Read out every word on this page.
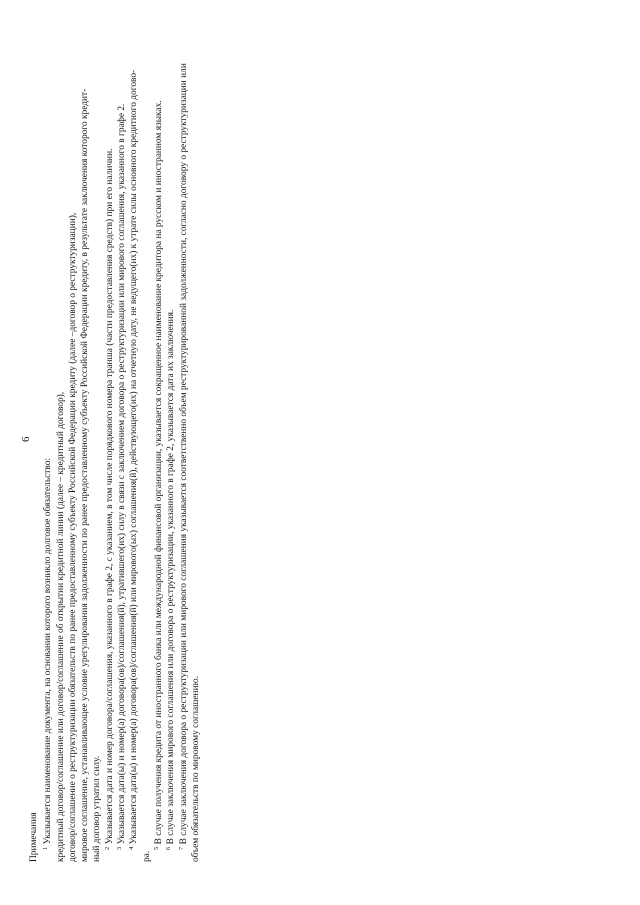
6
Примечания $^1$ Указывается наименование документа, на основании которого возникло долговое обязательство: кредитный договор/соглашение или договор/соглашение об открытии кредитной линии (далее – кредитный договор), договор/соглашение о реструктуризации обязательств по ранее предоставленному субъекту Российской Федерации кредиту (далее –договор о реструктуризации), мировое соглашение, устанавливающее условие урегулирования задолженности по ранее предоставленному субъекту Российской Федерации кредиту, в результате заключения которого кредит- ный договор утратил силу. $^2$ Указывается дата и номер договора/соглашения, указанного в графе 2, с указанием, в том числе порядкового номера транша (части предоставления средств) при его наличии.
$^3$ Указывается дата(ы) и номер(а) договора(ов)/соглашения(й), утратившего(их) силу в связи с заключением договора о реструктуризации или мирового соглашения, указанного в графе 2.
$^4$ Указывается дата(ы) и номер(а) договора(ов)/соглашения(й) или мирового(ых) соглашения(й), действующего(их) на отчетную дату, не ведущего(их) к утрате силы основного кредитного догово-
ра.
$^5$ В случае получения кредита от иностранного банка или международной финансовой организации, указывается сокращенное наименование кредитора на русском и иностранном языках.
$^6$ В случае заключения мирового соглашения или договора о реструктуризации, указанного в графе 2, указывается дата их заключения.
$^7$ В случае заключения договора о реструктуризации или мирового соглашения указывается соответственно объем реструктурированной задолженности, согласно договору о реструктуризации или объем обязательств по мировому соглашению.
